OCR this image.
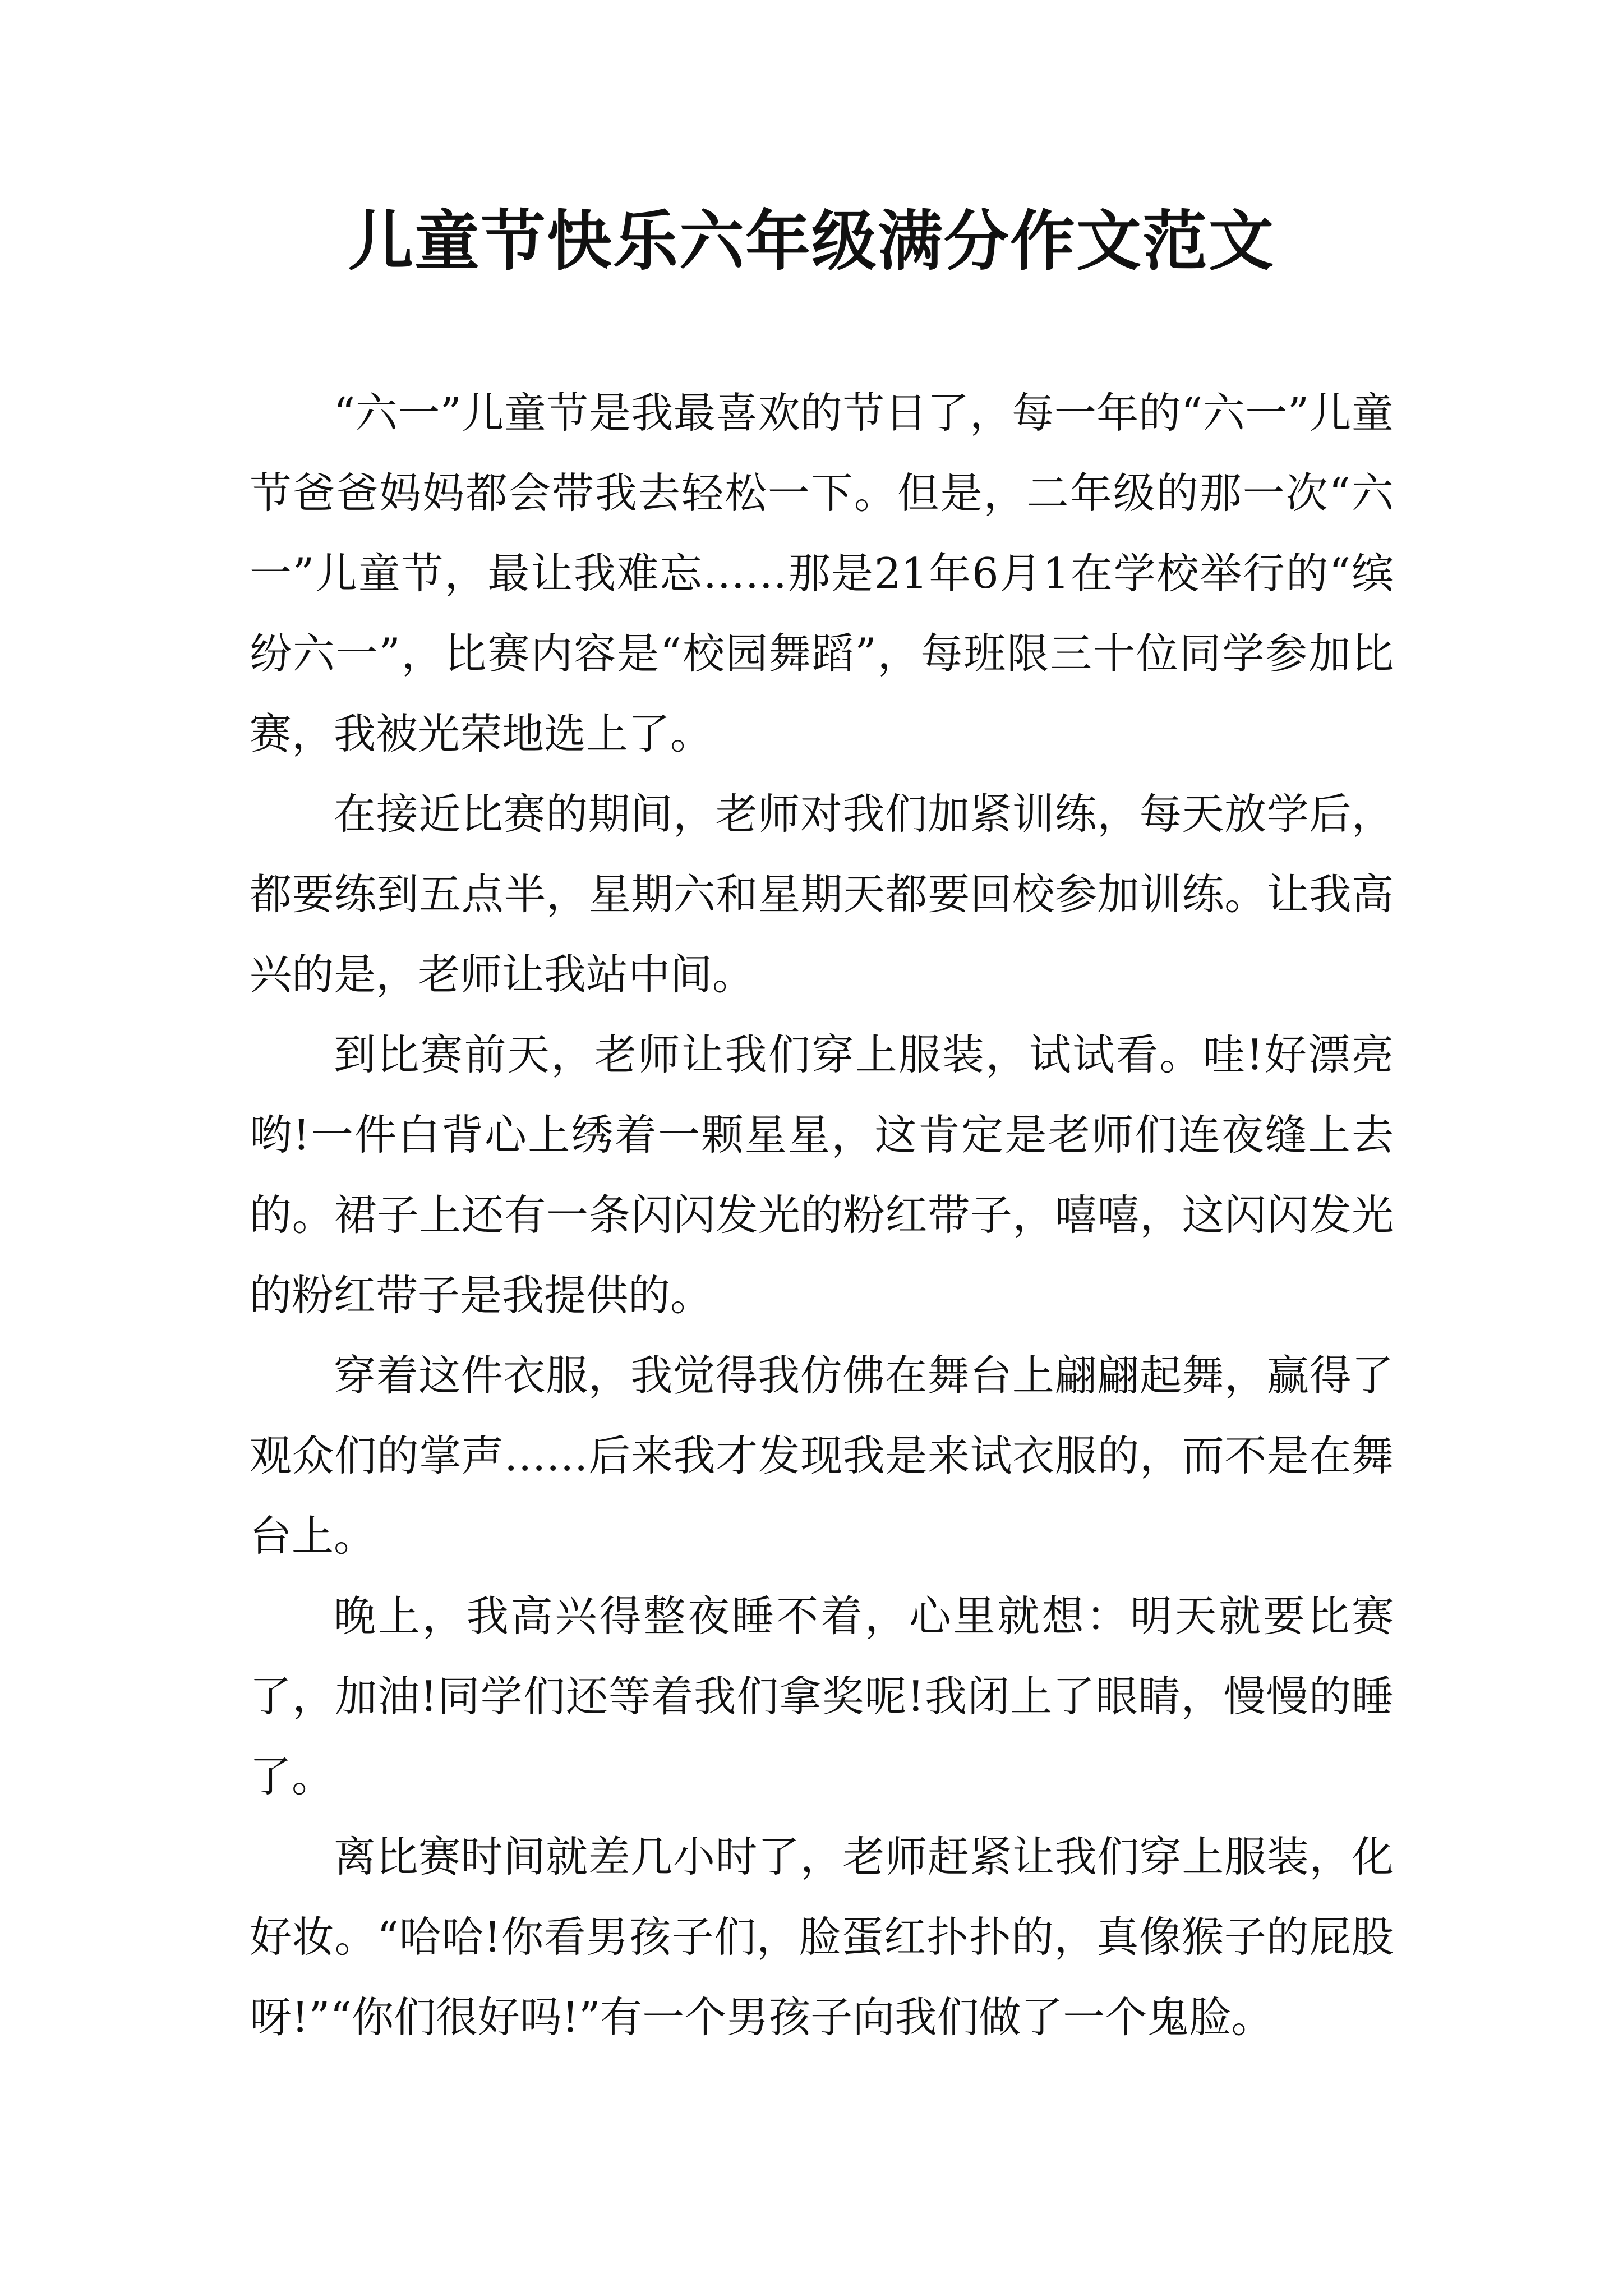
儿童节快乐六年级满分作文范文

“六一”儿童节是我最喜欢的节日了，每一年的“六一”儿童节爸爸妈妈都会带我去轻松一下。但是，二年级的那一次“六一”儿童节，最让我难忘……那是21年6月1在学校举行的“缤纷六一”，比赛内容是“校园舞蹈”，每班限三十位同学参加比赛，我被光荣地选上了。

在接近比赛的期间，老师对我们加紧训练，每天放学后，都要练到五点半，星期六和星期天都要回校参加训练。让我高兴的是，老师让我站中间。

到比赛前天，老师让我们穿上服装，试试看。哇!好漂亮哟!一件白背心上绣着一颗星星，这肯定是老师们连夜缝上去的。裙子上还有一条闪闪发光的粉红带子，嘻嘻，这闪闪发光的粉红带子是我提供的。

穿着这件衣服，我觉得我仿佛在舞台上翩翩起舞，赢得了观众们的掌声……后来我才发现我是来试衣服的，而不是在舞台上。

晚上，我高兴得整夜睡不着，心里就想：明天就要比赛了，加油!同学们还等着我们拿奖呢!我闭上了眼睛，慢慢的睡了。

离比赛时间就差几小时了，老师赶紧让我们穿上服装，化好妆。“哈哈!你看男孩子们，脸蛋红扑扑的，真像猴子的屁股呀!”“你们很好吗!”有一个男孩子向我们做了一个鬼脸。
